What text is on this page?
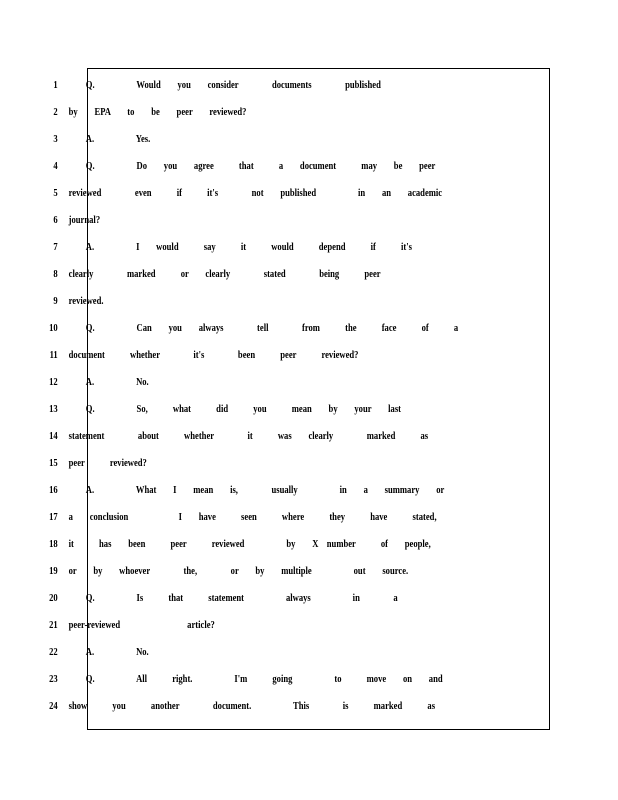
1	Q.     Would  you  consider    documents    published
2 by  EPA  to  be  peer  reviewed?
3	A.     Yes.
4	Q.     Do  you  agree   that   a  document   may  be  peer
5 reviewed    even   if   it's    not  published     in  an  academic
6 journal?
7	A.     I  would   say   it   would   depend   if   it's
8 clearly    marked   or  clearly    stated    being   peer
9 reviewed.
10	Q.     Can  you  always    tell    from   the   face   of   a
11 document   whether    it's    been   peer   reviewed?
12	A.     No.
13	Q.     So,   what   did   you   mean  by  your  last
14 statement    about   whether    it   was  clearly    marked   as
15 peer   reviewed?
16	A.     What  I  mean  is,    usually     in  a  summary  or
17 a  conclusion      I  have   seen   where   they   have   stated,
18 it   has  been   peer   reviewed     by  X number   of  people,
19 or  by  whoever    the,    or  by  multiple     out  source.
20	Q.     Is   that   statement     always     in    a
21 peer-reviewed        article?
22	A.     No.
23	Q.     All   right.     I'm   going     to   move  on  and
24 show   you   another    document.     This    is   marked   as
